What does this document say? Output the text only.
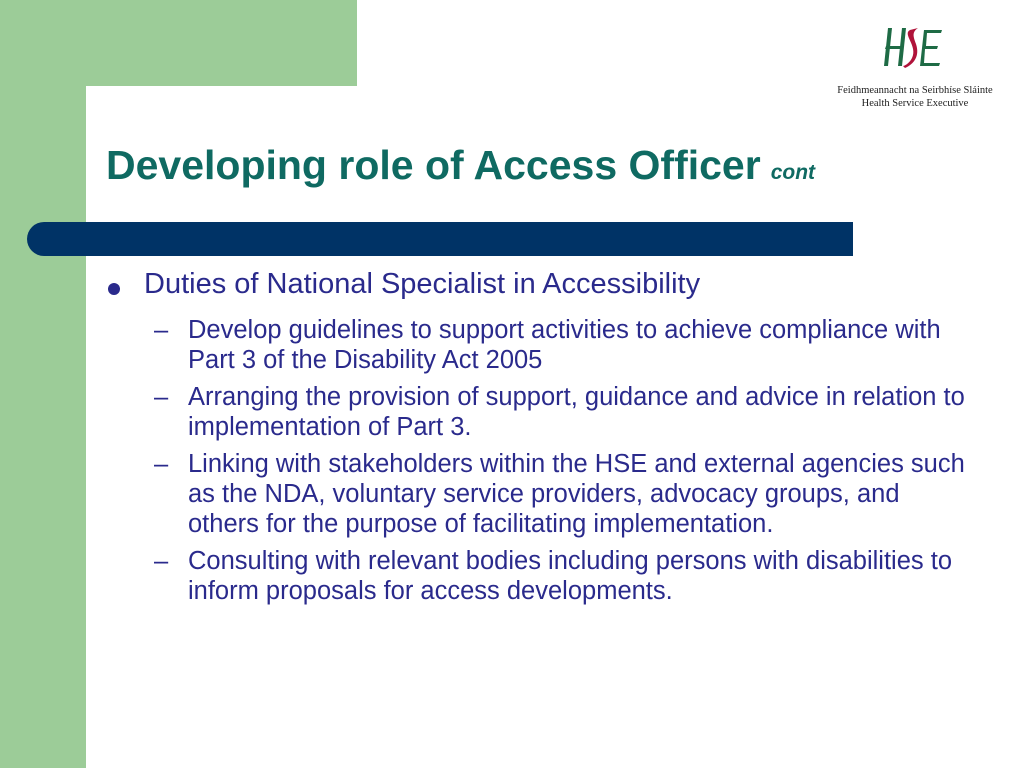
Feidhmeannacht na Seirbhíse Sláinte
Health Service Executive
Developing role of Access Officer cont
Duties of National Specialist in Accessibility
– Develop guidelines to support activities to achieve compliance with Part 3 of the Disability Act 2005
– Arranging the provision of support, guidance and advice in relation to implementation of Part 3.
– Linking with stakeholders within the HSE and external agencies such as the NDA, voluntary service providers, advocacy groups, and others for the purpose of facilitating implementation.
– Consulting with relevant bodies including persons with disabilities to inform proposals for access developments.
